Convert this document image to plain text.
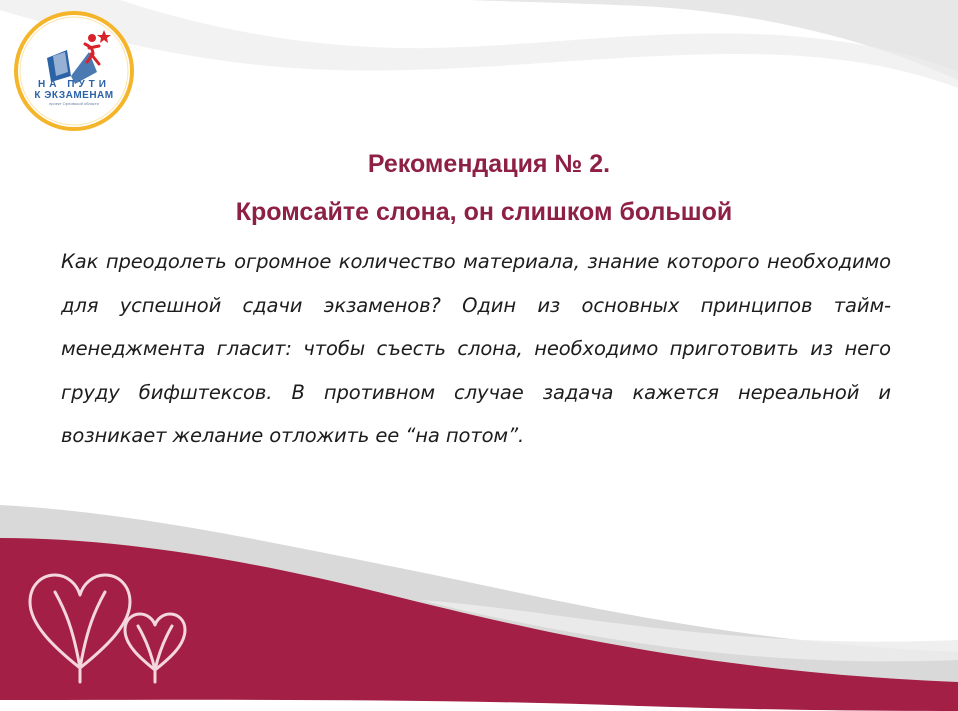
НА ПУТИ
К ЭКЗАМЕНАМ
проект Орловской области
Рекомендация № 2.
Кромсайте слона, он слишком большой
Как преодолеть огромное количество материала, знание которого необходимо для успешной сдачи экзаменов? Один из основных принципов тайм-менеджмента гласит: чтобы съесть слона, необходимо приготовить из него груду бифштексов. В противном случае задача кажется нереальной и возникает желание отложить ее “на потом”.
